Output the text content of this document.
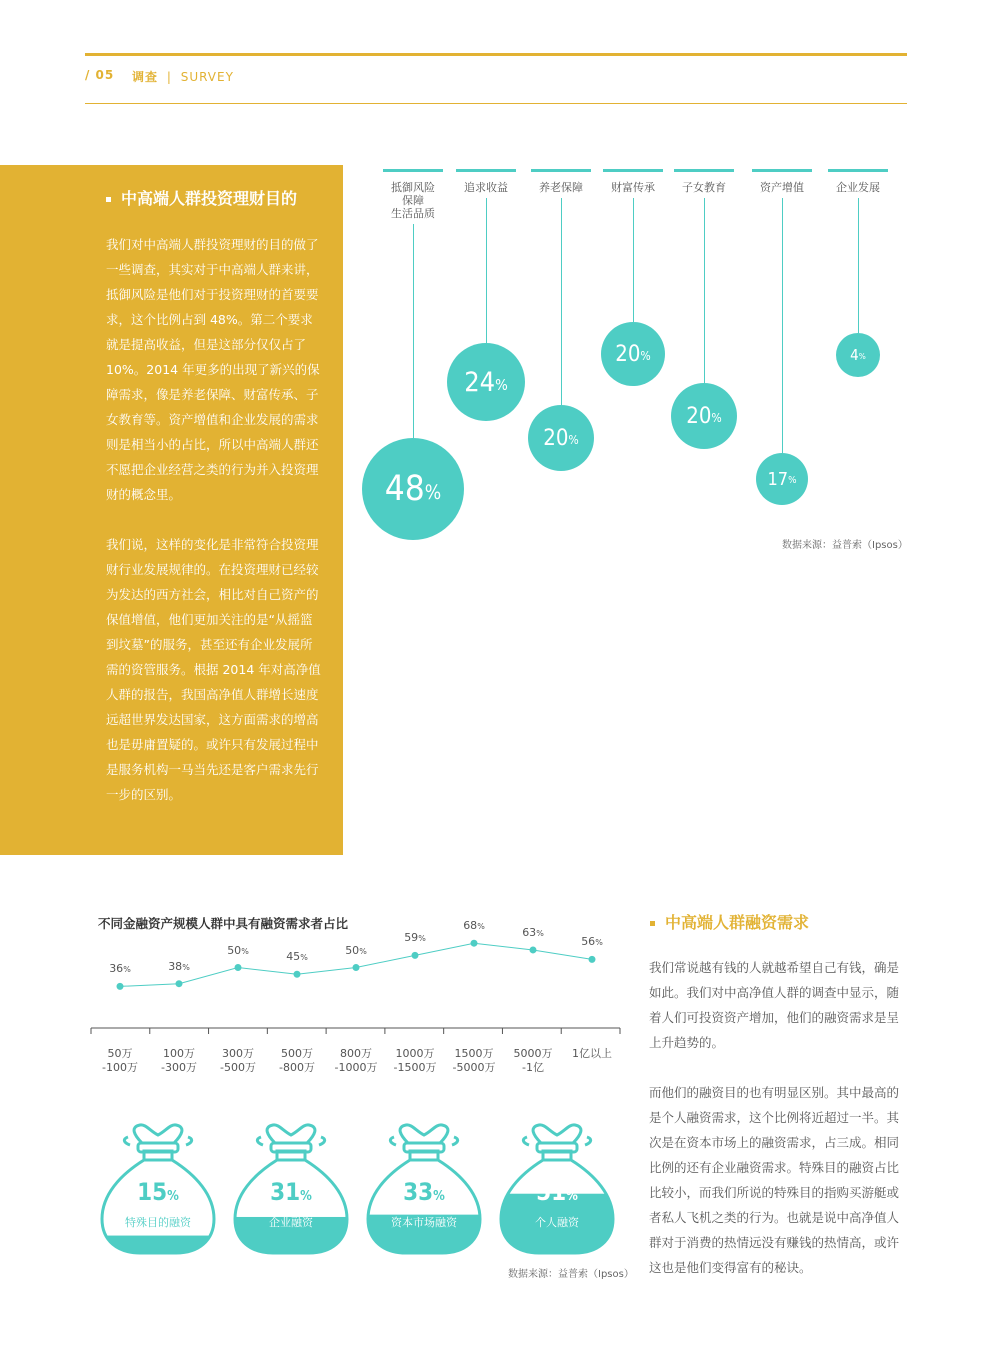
/ 05 调查 | SURVEY
中高端人群投资理财目的

我们对中高端人群投资理财的目的做了一些调查，其实对于中高端人群来讲，抵御风险是他们对于投资理财的首要要求，这个比例占到 48%。第二个要求就是提高收益，但是这部分仅仅占了 10%。2014 年更多的出现了新兴的保障需求，像是养老保障、财富传承、子女教育等。资产增值和企业发展的需求则是相当小的占比，所以中高端人群还不愿把企业经营之类的行为并入投资理财的概念里。

我们说，这样的变化是非常符合投资理财行业发展规律的。在投资理财已经较为发达的西方社会，相比对自己资产的保值增值，他们更加关注的是“从摇篮到坟墓”的服务，甚至还有企业发展所需的资管服务。根据 2014 年对高净值人群的报告，我国高净值人群增长速度远超世界发达国家，这方面需求的增高也是毋庸置疑的。或许只有发展过程中是服务机构一马当先还是客户需求先行一步的区别。

抵御风险
保障
生活品质
48 %
追求收益
24 %
养老保障
20 %
财富传承
20 %
子女教育
20 %
资产增值
17 %
企业发展
4 %
数据来源：益普索（Ipsos）
不同金融资产规模人群中具有融资需求者占比
36%	38%
50%	45%
50%
59%
68%	63%
56%
50万
-100万
100万
-300万
300万
-500万
500万
-800万
800万
-1000万
1000万
-1500万
1500万
-5000万
5000万
-1亿
1亿以上
15%
特殊目的融资
31%
企业融资
33%
资本市场融资
51%
个人融资
数据来源：益普索（Ipsos）
中高端人群融资需求

我们常说越有钱的人就越希望自己有钱，确是如此。我们对中高净值人群的调查中显示，随着人们可投资资产增加，他们的融资需求是呈上升趋势的。

而他们的融资目的也有明显区别。其中最高的是个人融资需求，这个比例将近超过一半。其次是在资本市场上的融资需求，占三成。相同比例的还有企业融资需求。特殊目的融资占比比较小，而我们所说的特殊目的指购买游艇或者私人飞机之类的行为。也就是说中高净值人群对于消费的热情远没有赚钱的热情高，或许这也是他们变得富有的秘诀。
